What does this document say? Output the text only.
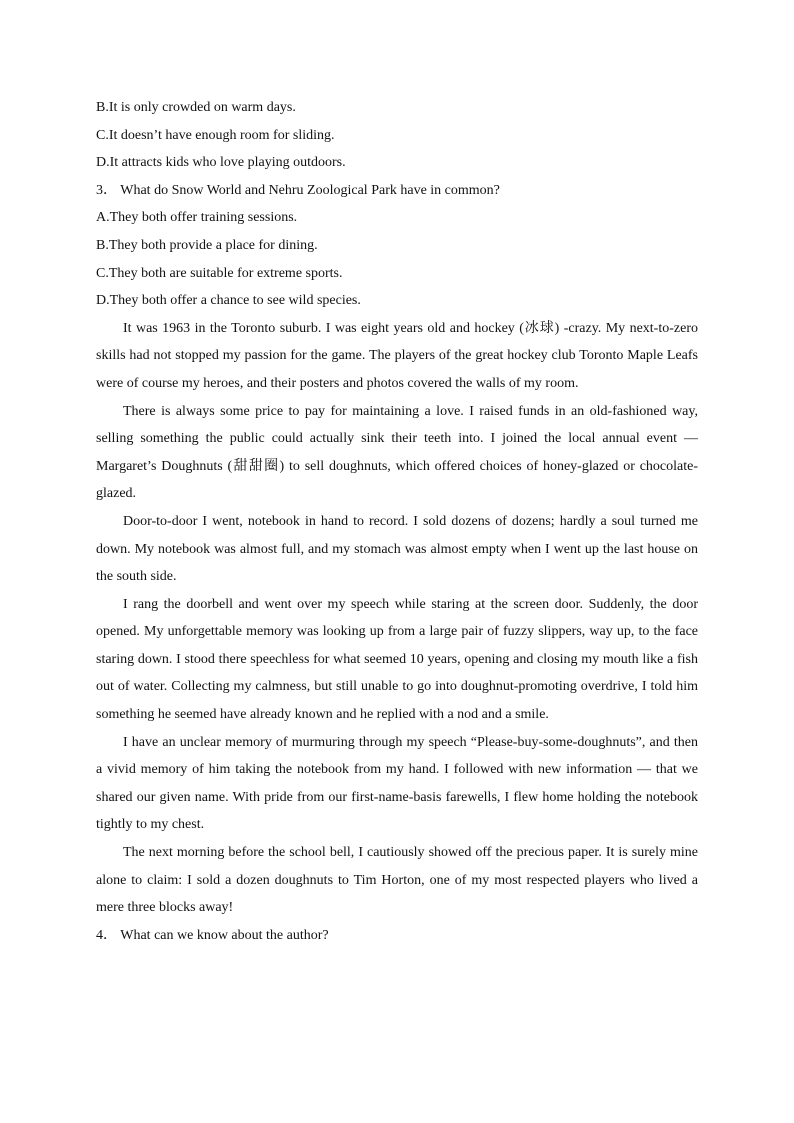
B.It is only crowded on warm days.

C.It doesn’t have enough room for sliding.

D.It attracts kids who love playing outdoors.

3． What do Snow World and Nehru Zoological Park have in common?

A.They both offer training sessions.

B.They both provide a place for dining.

C.They both are suitable for extreme sports.

D.They both offer a chance to see wild species.

It was 1963 in the Toronto suburb. I was eight years old and hockey (冰球) -crazy. My next-to-zero skills had not stopped my passion for the game. The players of the great hockey club Toronto Maple Leafs were of course my heroes, and their posters and photos covered the walls of my room.

There is always some price to pay for maintaining a love. I raised funds in an old-fashioned way, selling something the public could actually sink their teeth into. I joined the local annual event — Margaret’s Doughnuts (甜甜圈) to sell doughnuts, which offered choices of honey-glazed or chocolate-glazed.

Door-to-door I went, notebook in hand to record. I sold dozens of dozens; hardly a soul turned me down. My notebook was almost full, and my stomach was almost empty when I went up the last house on the south side.

I rang the doorbell and went over my speech while staring at the screen door. Suddenly, the door opened. My unforgettable memory was looking up from a large pair of fuzzy slippers, way up, to the face staring down. I stood there speechless for what seemed 10 years, opening and closing my mouth like a fish out of water. Collecting my calmness, but still unable to go into doughnut-promoting overdrive, I told him something he seemed have already known and he replied with a nod and a smile.

I have an unclear memory of murmuring through my speech “Please-buy-some-doughnuts”, and then a vivid memory of him taking the notebook from my hand. I followed with new information — that we shared our given name. With pride from our first-name-basis farewells, I flew home holding the notebook tightly to my chest.

The next morning before the school bell, I cautiously showed off the precious paper. It is surely mine alone to claim: I sold a dozen doughnuts to Tim Horton, one of my most respected players who lived a mere three blocks away!

4． What can we know about the author?
